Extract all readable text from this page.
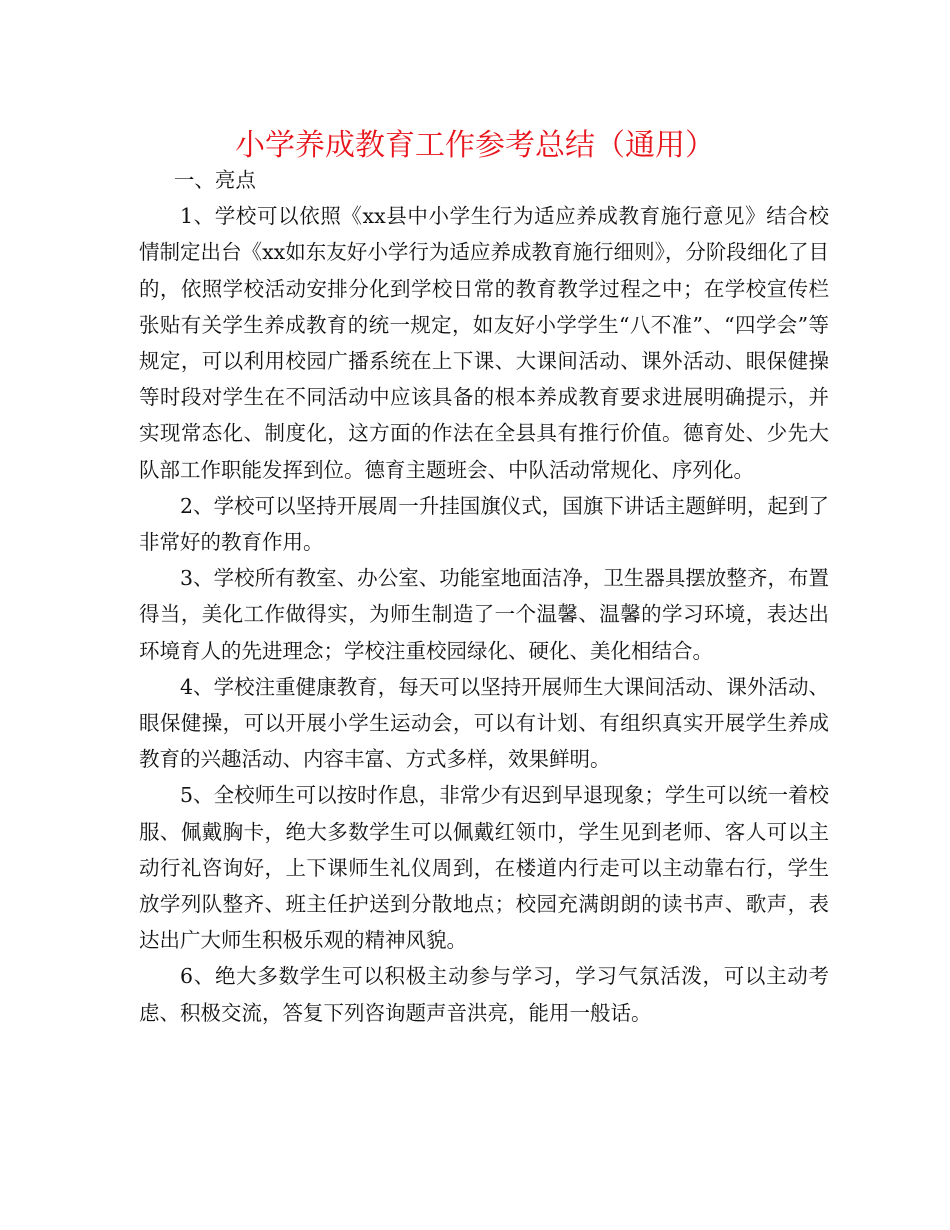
小学养成教育工作参考总结（通用）

一、亮点

1、学校可以依照《xx县中小学生行为适应养成教育施行意见》结合校情制定出台《xx如东友好小学行为适应养成教育施行细则》，分阶段细化了目的，依照学校活动安排分化到学校日常的教育教学过程之中；在学校宣传栏张贴有关学生养成教育的统一规定，如友好小学学生“八不准”、“四学会”等规定，可以利用校园广播系统在上下课、大课间活动、课外活动、眼保健操等时段对学生在不同活动中应该具备的根本养成教育要求进展明确提示，并实现常态化、制度化，这方面的作法在全县具有推行价值。德育处、少先大队部工作职能发挥到位。德育主题班会、中队活动常规化、序列化。

2、学校可以坚持开展周一升挂国旗仪式，国旗下讲话主题鲜明，起到了非常好的教育作用。

3、学校所有教室、办公室、功能室地面洁净，卫生器具摆放整齐，布置得当，美化工作做得实，为师生制造了一个温馨、温馨的学习环境，表达出环境育人的先进理念；学校注重校园绿化、硬化、美化相结合。

4、学校注重健康教育，每天可以坚持开展师生大课间活动、课外活动、眼保健操，可以开展小学生运动会，可以有计划、有组织真实开展学生养成教育的兴趣活动、内容丰富、方式多样，效果鲜明。

5、全校师生可以按时作息，非常少有迟到早退现象；学生可以统一着校服、佩戴胸卡，绝大多数学生可以佩戴红领巾，学生见到老师、客人可以主动行礼咨询好，上下课师生礼仪周到，在楼道内行走可以主动靠右行，学生放学列队整齐、班主任护送到分散地点；校园充满朗朗的读书声、歌声，表达出广大师生积极乐观的精神风貌。

6、绝大多数学生可以积极主动参与学习，学习气氛活泼，可以主动考虑、积极交流，答复下列咨询题声音洪亮，能用一般话。
